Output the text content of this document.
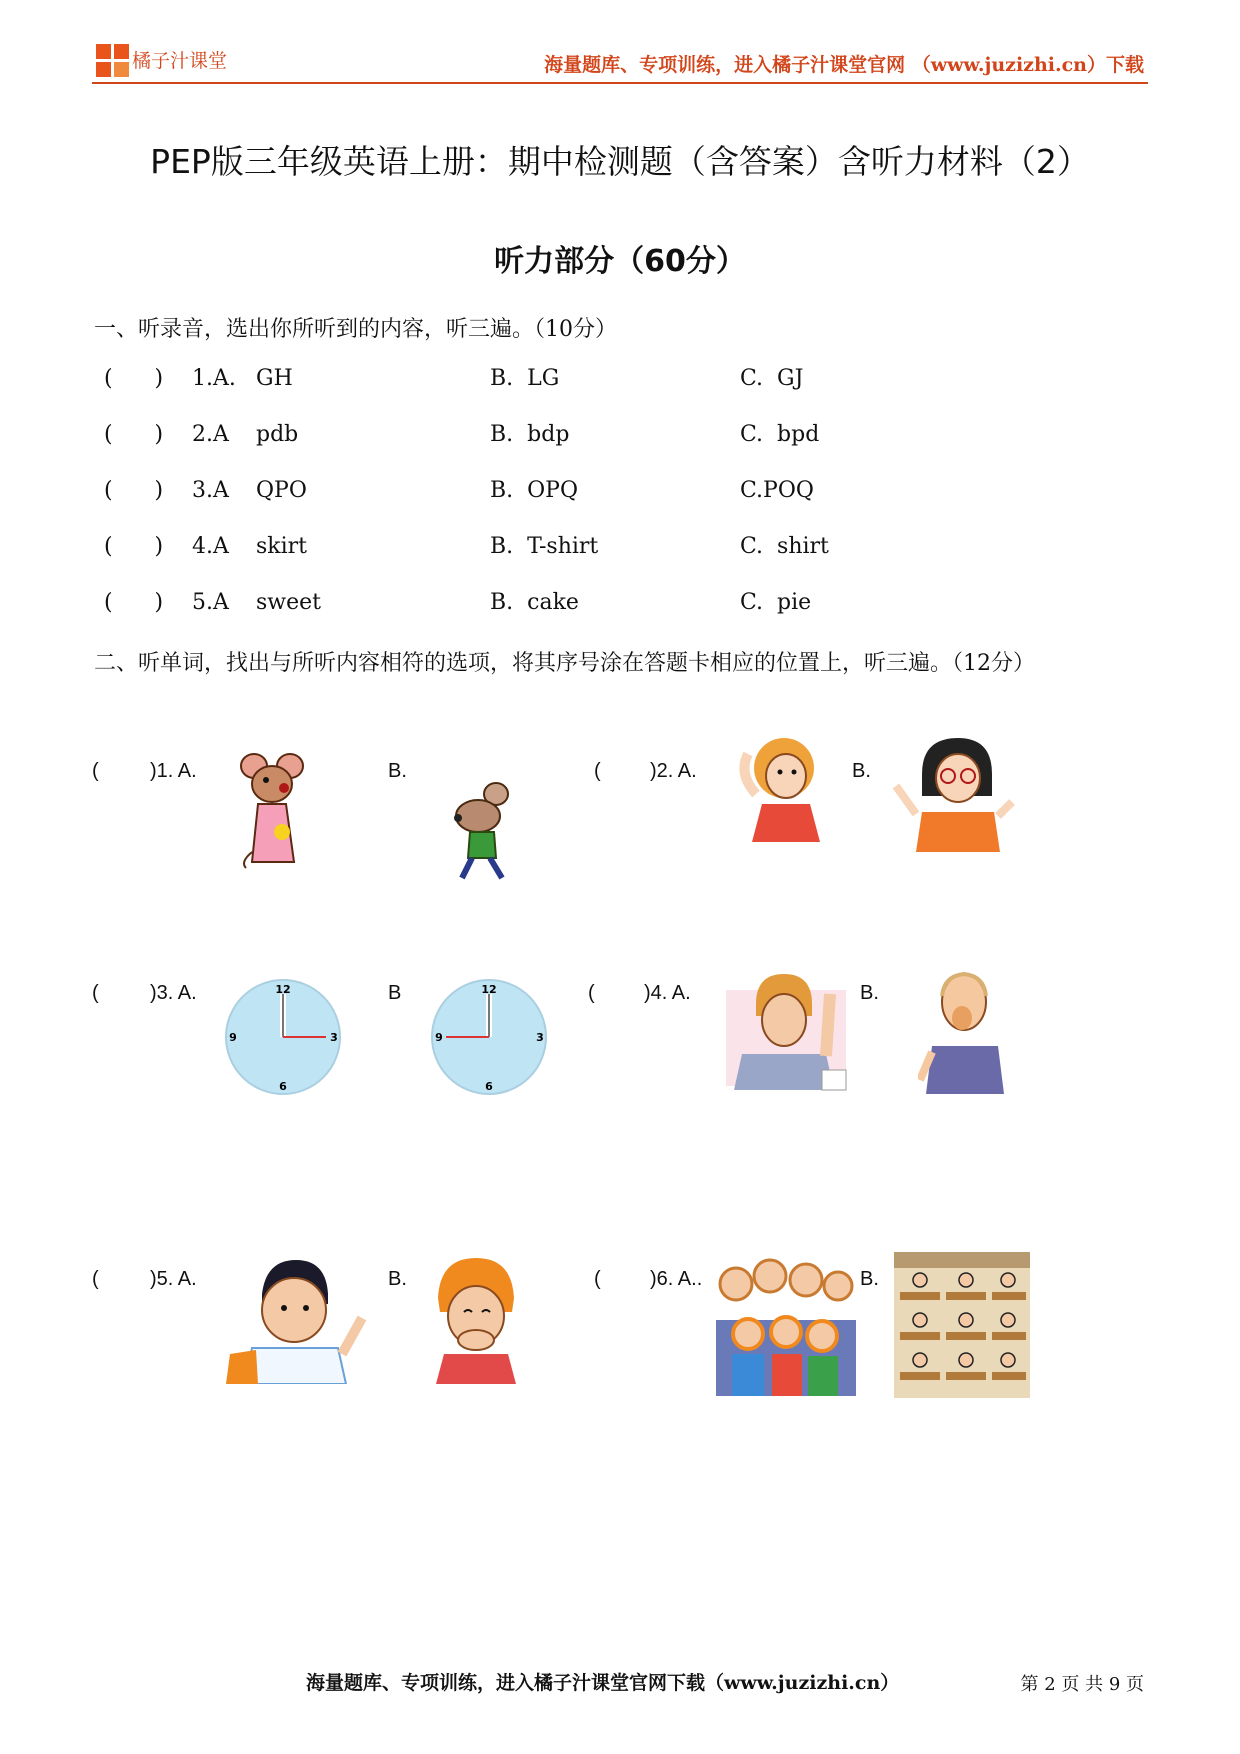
橘子汁课堂	海量题库、专项训练，进入橘子汁课堂官网 （www.juzizhi.cn）下载
PEP版三年级英语上册：期中检测题（含答案）含听力材料（2）
听力部分（60分）
一、听录音，选出你所听到的内容，听三遍。（10分）
(      ) 1.A. GH	B.  LG	C.  GJ
(      ) 2.A pdb	B.  bdp	C.  bpd
(      ) 3.A QPO	B.  OPQ	C.POQ
(      ) 4.A skirt	B.  T-shirt	C.  shirt
(      ) 5.A sweet	B.  cake	C.  pie
二、听单词，找出与所听内容相符的选项，将其序号涂在答题卡相应的位置上，听三遍。（12分）
(	)1. A.	B.	( )2. A.	B.
(	)3. A.	B
12
3
6
9
12
3
6
9
( )4. A.	B.
(	)5. A.	B.	( )6. A..	B.
海量题库、专项训练，进入橘子汁课堂官网下载（www.juzizhi.cn）	第 2 页 共 9 页
